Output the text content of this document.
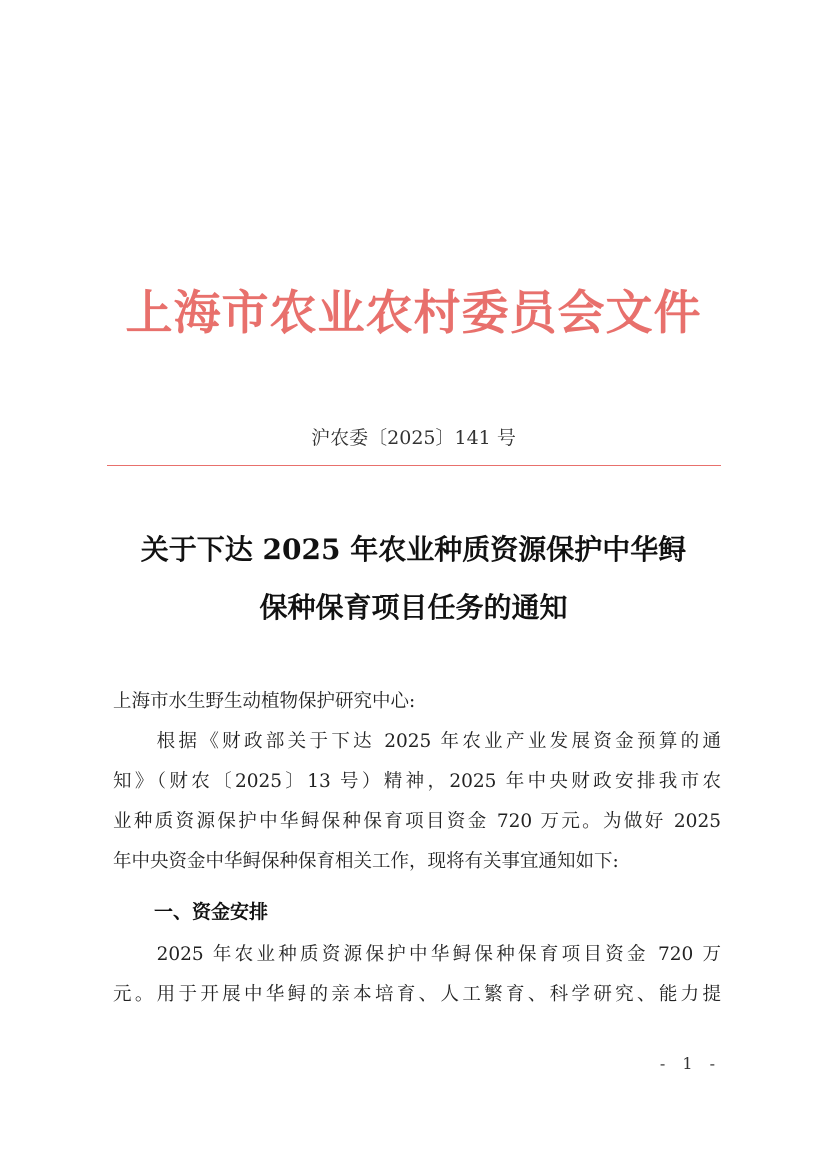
上海市农业农村委员会文件
沪农委〔2025〕141 号
关于下达 2025 年农业种质资源保护中华鲟
保种保育项目任务的通知
上海市水生野生动植物保护研究中心:
　　根据《财政部关于下达 2025 年农业产业发展资金预算的通
知》（财农〔2025〕13 号）精神，2025 年中央财政安排我市农
业种质资源保护中华鲟保种保育项目资金 720 万元。为做好 2025
年中央资金中华鲟保种保育相关工作，现将有关事宜通知如下:
一、资金安排
　　2025 年农业种质资源保护中华鲟保种保育项目资金 720 万
元。用于开展中华鲟的亲本培育、人工繁育、科学研究、能力提
- 1 -
